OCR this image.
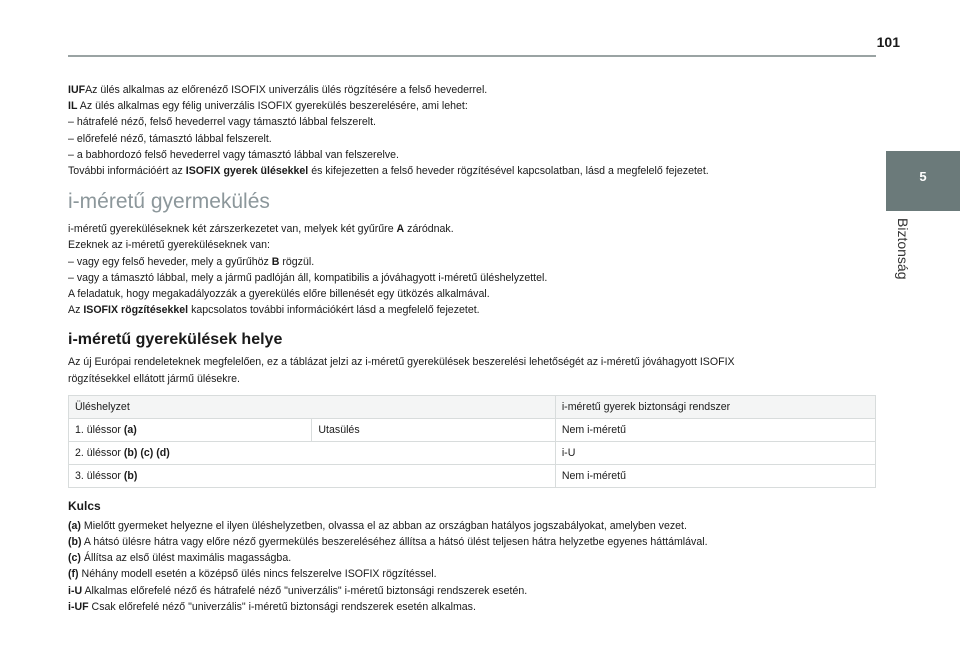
101
5
Biztonság
IUFAz ülés alkalmas az előrenéző ISOFIX univerzális ülés rögzítésére a felső hevederrel.
IL Az ülés alkalmas egy félig univerzális ISOFIX gyerekülés beszerelésére, ami lehet:
– hátrafelé néző, felső hevederrel vagy támasztó lábbal felszerelt.
– előrefelé néző, támasztó lábbal felszerelt.
– a babhordozó felső hevederrel vagy támasztó lábbal van felszerelve.
További információért az ISOFIX gyerek ülésekkel és kifejezetten a felső heveder rögzítésével kapcsolatban, lásd a megfelelő fejezetet.
i-méretű gyermekülés
i-méretű gyereküléseknek két zárszerkezetet van, melyek két gyűrűre A záródnak.
Ezeknek az i-méretű gyereküléseknek van:
– vagy egy felső heveder, mely a gyűrűhöz B rögzül.
– vagy a támasztó lábbal, mely a jármű padlóján áll, kompatibilis a jóváhagyott i-méretű üléshelyzettel.
A feladatuk, hogy megakadályozzák a gyerekülés előre billenését egy ütközés alkalmával.
Az ISOFIX rögzítésekkel kapcsolatos további információkért lásd a megfelelő fejezetet.
i-méretű gyerekülések helye
Az új Európai rendeleteknek megfelelően, ez a táblázat jelzi az i-méretű gyerekülések beszerelési lehetőségét az i-méretű jóváhagyott ISOFIX
rögzítésekkel ellátott jármű ülésekre.
Üléshelyzet		i-méretű gyerek biztonsági rendszer
1. üléssor (a)	Utasülés	Nem i-méretű
2. üléssor (b) (c) (d)		i-U
3. üléssor (b)		Nem i-méretű
Kulcs
(a) Mielőtt gyermeket helyezne el ilyen üléshelyzetben, olvassa el az abban az országban hatályos jogszabályokat, amelyben vezet.
(b) A hátsó ülésre hátra vagy előre néző gyermekülés beszereléséhez állítsa a hátsó ülést teljesen hátra helyzetbe egyenes háttámlával.
(c) Állítsa az első ülést maximális magasságba.
(f) Néhány modell esetén a középső ülés nincs felszerelve ISOFIX rögzítéssel.
i-U Alkalmas előrefelé néző és hátrafelé néző "univerzális" i-méretű biztonsági rendszerek esetén.
i-UF Csak előrefelé néző "univerzális" i-méretű biztonsági rendszerek esetén alkalmas.
